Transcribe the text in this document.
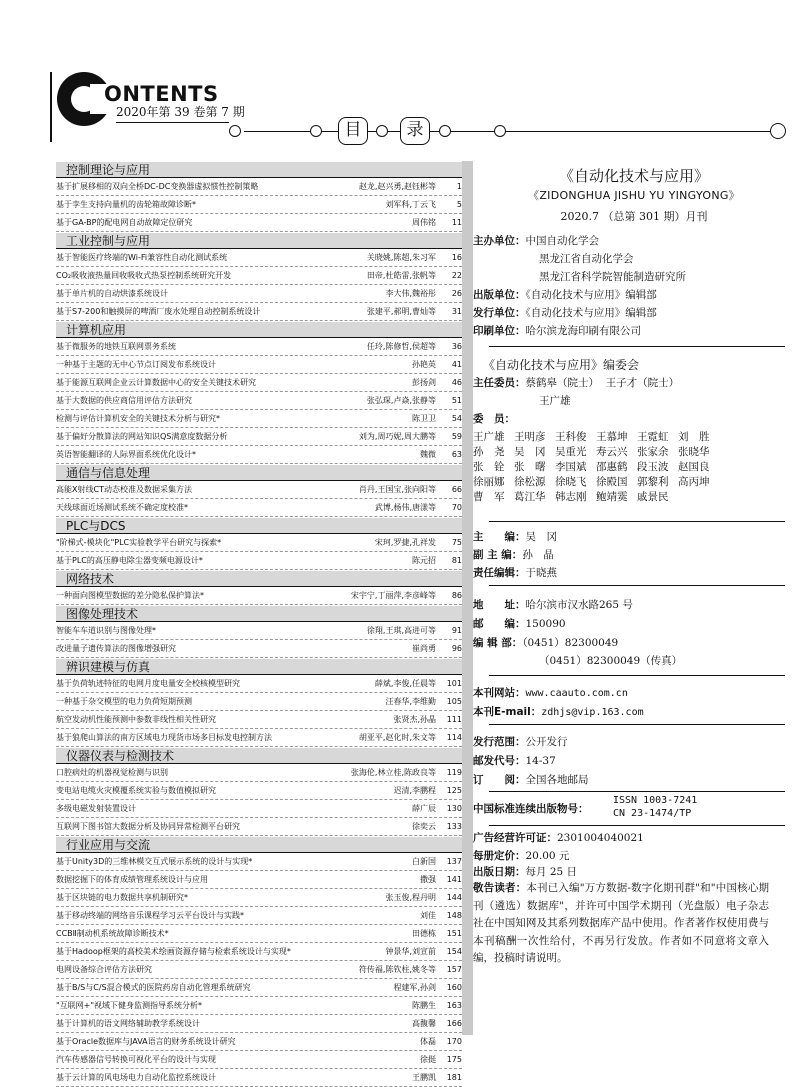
ONTENTS
2020年第 39 卷第 7 期
目	录
控制理论与应用
基于扩展移相的双向全桥DC-DC变换器虚拟惯性控制策略	赵龙,赵兴勇,赵钰彬等	1
基于孪生支持向量机的齿轮箱故障诊断*	刘军科,丁云飞	5
基于GA-BP的配电网自动故障定位研究	周伟铭	11
工业控制与应用
基于智能医疗终端的Wi-Fi兼容性自动化测试系统	关晓姚,陈超,朱习军	16
CO₂吸收液热量回收吸收式热泵控制系统研究开发	田帝,杜皓雷,张帆等	22
基于单片机的自动烘漆系统设计	李大伟,魏裕彤	26
基于S7-200和触摸屏的啤酒厂废水处理自动控制系统设计	张建平,郝明,曹灿等	31
计算机应用
基于微服务的地铁互联网票务系统	任玲,陈修哲,侯超等	36
一种基于主题的无中心节点订阅发布系统设计	孙艳英	41
基于能源互联网企业云计算数据中心的安全关键技术研究	彭扬剑	46
基于大数据的供应商信用评估方法研究	张弘琛,卢焱,张静等	51
检测与评估计算机安全的关键技术分析与研究*	陈卫卫	54
基于偏好分散算法的网站知识QS满意度数据分析	刘为,周巧妮,周大鹏等	59
英语智能翻译的人际界面系统优化设计*	魏微	63
通信与信息处理
高能X射线CT动态校准及数据采集方法	肖丹,王国宝,张向阳等	66
天线球面近场测试系统不确定度校准*	武博,杨伟,唐漾等	70
PLC与DCS
"阶梯式-模块化"PLC实验教学平台研究与探索*	宋珂,罗捷,孔祥发	75
基于PLC的高压静电除尘器变频电源设计*	陈元招	81
网络技术
一种面向图模型数据的差分隐私保护算法*	宋宇宁,丁丽萍,李彦峰等	86
图像处理技术
智能车车道识别与图像处理*	徐翔,王琪,高进可等	91
改进量子遗传算法的图像增强研究	崔尚勇	96
辨识建模与仿真
基于负荷轨迹特征的电网月度电量安全校核模型研究	薛斌,李俊,任晨等	101
一种基于杂交模型的电力负荷短期预测	汪春华,李维勤	105
航空发动机性能预测中参数非线性相关性研究	张贤杰,孙晶	111
基于狼爬山算法的南方区域电力现货市场多目标发电控制方法	胡亚平,赵化时,朱文等	114
仪器仪表与检测技术
口腔病灶的机器视觉检测与识别	张海伦,林立桂,陈政良等	119
变电站电缆火灾模覆系统实验与数值模拟研究	迟清,李鹏程	125
多级电磁发射装置设计	薛广辰	130
互联网下图书馆大数据分析及协同异常检测平台研究	徐奕云	133
行业应用与交流
基于Unity3D的三维林模交互式展示系统的设计与实现*	白新国	137
数据挖掘下的体育成绩管理系统设计与应用	撒强	141
基于区块链的电力数据共享机制研究*	张玉俊,程丹明	144
基于移动终端的网络音乐课程学习云平台设计与实践*	刘佳	148
CCBⅡ制动机系统故障诊断技术*	田德栋	151
基于Hadoop框架的高校美术绘画资源存储与检索系统设计与实现*	钟景华,刘宣前	154
电网设备综合评估方法研究	符传福,陈钦柱,姚冬等	157
基于B/S与C/S混合模式的医院药房自动化管理系统研究	程建军,孙剑	160
"互联网+"视域下健身监测指导系统分析*	陈鹏生	163
基于计算机的语文网络辅助教学系统设计	高馥馨	166
基于Oracle数据库与JAVA语言的财务系统设计研究	体磊	170
汽车传感器信号转换可视化平台的设计与实现	徐挺	175
基于云计算的风电场电力自动化监控系统设计	王鹏凯	181
《自动化技术与应用》
《ZIDONGHUA JISHU YU YINGYONG》
2020.7 （总第 301 期）月刊
主办单位：中国自动化学会
黑龙江省自动化学会
黑龙江省科学院智能制造研究所
出版单位：《自动化技术与应用》编辑部
发行单位：《自动化技术与应用》编辑部
印刷单位：哈尔滨龙海印刷有限公司
《自动化技术与应用》编委会
主任委员：蔡鹤皋（院士） 王子才（院士）
王广雄
委　员：
王广雄 王明彦 王科俊 王慕坤 王霓虹 刘　胜
孙　尧 吴　冈 吴重光 寿云兴 张家余 张晓华
张　铨 张　曙 李国斌 邵惠鹤 段玉波 赵国良
徐丽娜 徐松源 徐晓飞 徐殿国 郭黎利 高丙坤
曹　军 葛江华 韩志刚 鲍靖霙 戚景民
主　　编：吴　冈
副 主 编：孙　晶
责任编辑：于晓燕
地　　址：哈尔滨市汉水路265 号
邮　　编：150090
编 辑 部：（0451）82300049
（0451）82300049（传真）
本刊网站：www.caauto.com.cn
本刊E-mail：zdhjs@vip.163.com
发行范围：公开发行
邮发代号：14-37
订　　阅：全国各地邮局
中国标准连续出版物号：
ISSN 1003-7241
CN 23-1474/TP
广告经营许可证：2301004040021
每册定价：20.00 元
出版日期：每月 25 日
敬告读者：本刊已入编"万方数据-数字化期刊群"和"中国核心期刊（遴选）数据库"，并许可中国学术期刊（光盘版）电子杂志社在中国知网及其系列数据库产品中使用。作者著作权使用费与本刊稿酬一次性给付，不再另行发放。作者如不同意将文章入编，投稿时请说明。
